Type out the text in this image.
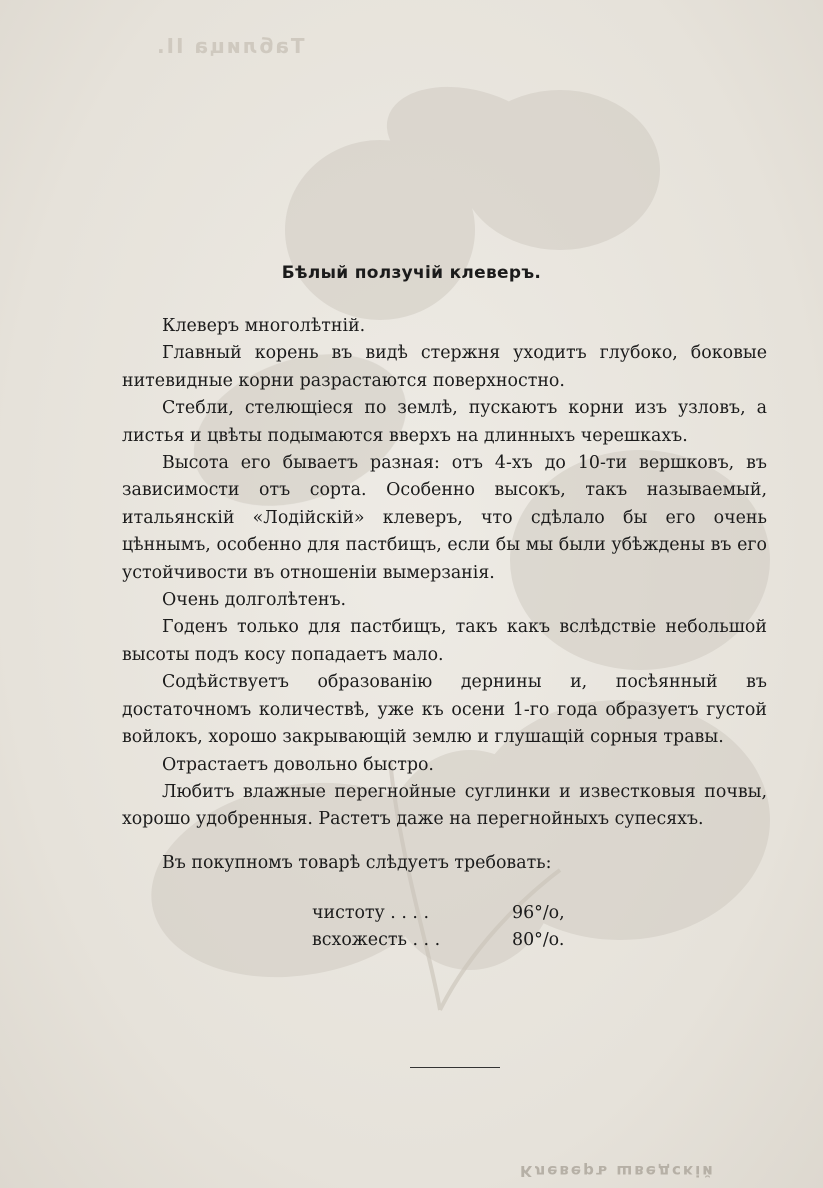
Таблица II.
Клеверъ шведскій
Бѣлый ползучій клеверъ.

Клеверъ многолѣтній.

Главный корень въ видѣ стержня уходитъ глубоко, боковые нитевидные корни разрастаются поверхностно.

Стебли, стелющіеся по землѣ, пускаютъ корни изъ узловъ, а листья и цвѣты подымаются вверхъ на длинныхъ черешкахъ.

Высота его бываетъ разная: отъ 4-хъ до 10-ти вершковъ, въ зависимости отъ сорта. Особенно высокъ, такъ называемый, итальянскій «Лодійскій» клеверъ, что сдѣлало бы его очень цѣннымъ, особенно для пастбищъ, если бы мы были убѣждены въ его устойчивости въ отношеніи вымерзанія.

Очень долголѣтенъ.

Годенъ только для пастбищъ, такъ какъ вслѣдствіе небольшой высоты подъ косу попадаетъ мало.

Содѣйствуетъ образованію дернины и, посѣянный въ достаточномъ количествѣ, уже къ осени 1-го года образуетъ густой войлокъ, хорошо закрывающій землю и глушащій сорныя травы.

Отрастаетъ довольно быстро.

Любитъ влажные перегнойные суглинки и известковыя почвы, хорошо удобренныя. Растетъ даже на перегнойныхъ супесяхъ.

Въ покупномъ товарѣ слѣдуетъ требовать:

чистоту . . . .	96°/o,
всхожесть . . .	80°/o.
